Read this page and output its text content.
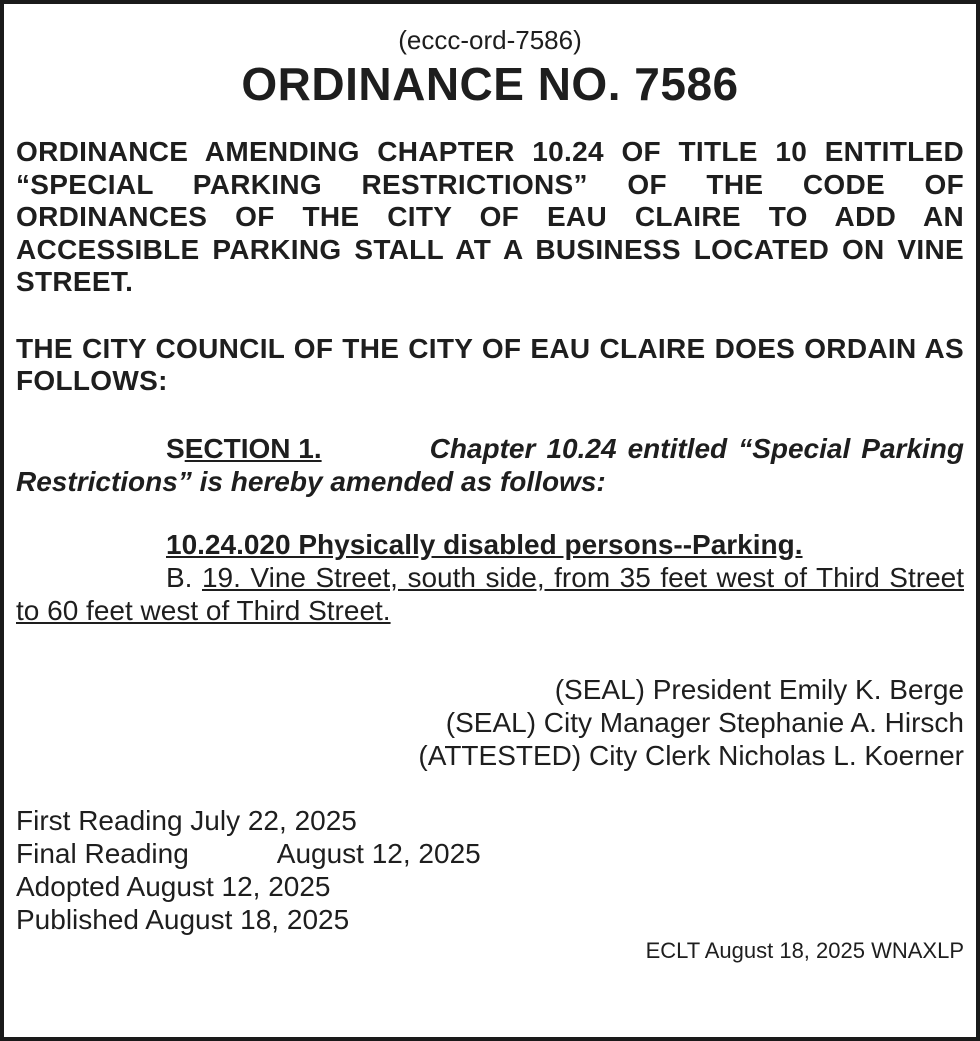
(eccc-ord-7586)

ORDINANCE NO. 7586

ORDINANCE AMENDING CHAPTER 10.24 OF TITLE 10 ENTITLED “SPECIAL PARKING RESTRICTIONS” OF THE CODE OF ORDINANCES OF THE CITY OF EAU CLAIRE TO ADD AN ACCESSIBLE PARKING STALL AT A BUSINESS LOCATED ON VINE STREET.

THE CITY COUNCIL OF THE CITY OF EAU CLAIRE DOES ORDAIN AS FOLLOWS:

SECTION 1.	Chapter 10.24 entitled “Special Parking Restrictions” is hereby amended as follows:

10.24.020 Physically disabled persons--Parking.
B. 19. Vine Street, south side, from 35 feet west of Third Street to 60 feet west of Third Street.
(SEAL) President Emily K. Berge
(SEAL) City Manager Stephanie A. Hirsch
(ATTESTED) City Clerk Nicholas L. Koerner
First Reading July 22, 2025
Final Reading	August 12, 2025
Adopted August 12, 2025
Published August 18, 2025
ECLT August 18, 2025 WNAXLP
